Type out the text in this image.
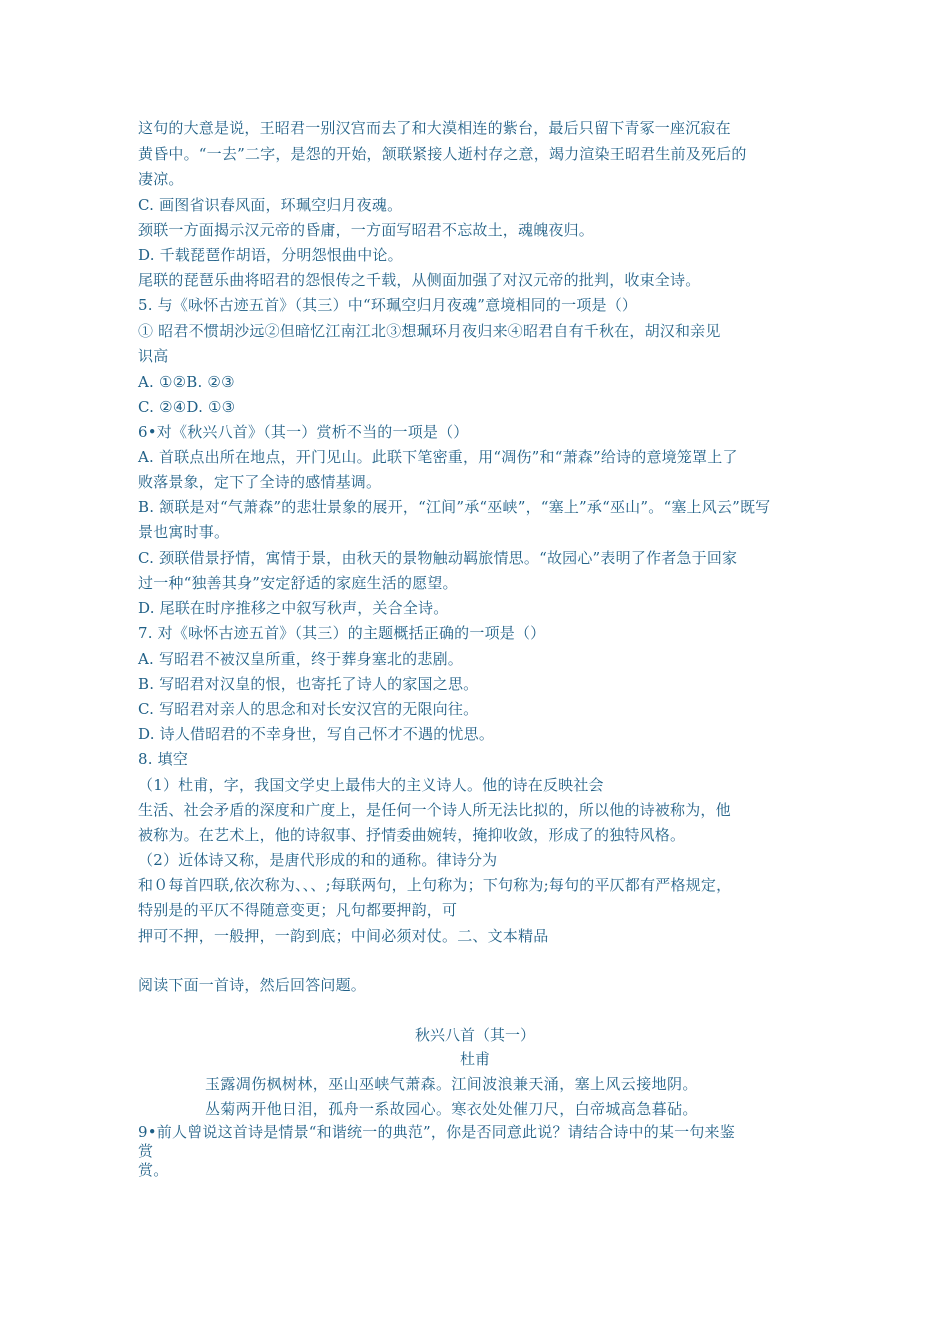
这句的大意是说，王昭君一别汉宫而去了和大漠相连的紫台，最后只留下青冢一座沉寂在
黄昏中。“一去”二字，是怨的开始，颔联紧接人逝村存之意，竭力渲染王昭君生前及死后的
凄凉。
C. 画图省识春风面，环珮空归月夜魂。
颈联一方面揭示汉元帝的昏庸，一方面写昭君不忘故土，魂魄夜归。
D. 千载琵琶作胡语，分明怨恨曲中论。
尾联的琵琶乐曲将昭君的怨恨传之千载，从侧面加强了对汉元帝的批判，收束全诗。
5. 与《咏怀古迹五首》（其三）中“环珮空归月夜魂”意境相同的一项是（）
① 昭君不惯胡沙远②但暗忆江南江北③想珮环月夜归来④昭君自有千秋在，胡汉和亲见
识高
A. ①②B. ②③
C. ②④D. ①③
6•对《秋兴八首》（其一）赏析不当的一项是（）
A. 首联点出所在地点，开门见山。此联下笔密重，用“凋伤”和“萧森”给诗的意境笼罩上了
败落景象，定下了全诗的感情基调。
B. 颔联是对“气萧森”的悲壮景象的展开，“江间”承“巫峡”，“塞上”承“巫山”。“塞上风云”既写
景也寓时事。
C. 颈联借景抒情，寓情于景，由秋天的景物触动羁旅情思。“故园心”表明了作者急于回家
过一种“独善其身”安定舒适的家庭生活的愿望。
D. 尾联在时序推移之中叙写秋声，关合全诗。
7. 对《咏怀古迹五首》（其三）的主题概括正确的一项是（）
A. 写昭君不被汉皇所重，终于葬身塞北的悲剧。
B. 写昭君对汉皇的恨，也寄托了诗人的家国之思。
C. 写昭君对亲人的思念和对长安汉宫的无限向往。
D. 诗人借昭君的不幸身世，写自己怀才不遇的忧思。
8. 填空
（1）杜甫，字，我国文学史上最伟大的主义诗人。他的诗在反映社会
生活、社会矛盾的深度和广度上，是任何一个诗人所无法比拟的，所以他的诗被称为，他
被称为。在艺术上，他的诗叙事、抒情委曲婉转，掩抑收敛，形成了的独特风格。
（2）近体诗又称，是唐代形成的和的通称。律诗分为
和０每首四联,依次称为、、、;每联两句，上句称为；下句称为;每句的平仄都有严格规定，
特别是的平仄不得随意变更；凡句都要押韵，可
押可不押，一般押，一韵到底；中间必须对仗。二、文本精品
阅读下面一首诗，然后回答问题。
秋兴八首（其一）
杜甫
玉露凋伤枫树林，巫山巫峡气萧森。江间波浪兼天涌，塞上风云接地阴。
丛菊两开他日泪，孤舟一系故园心。寒衣处处催刀尺，白帝城高急暮砧。
9•前人曾说这首诗是情景“和谐统一的典范”，你是否同意此说？请结合诗中的某一句来鉴
赏
赏。
